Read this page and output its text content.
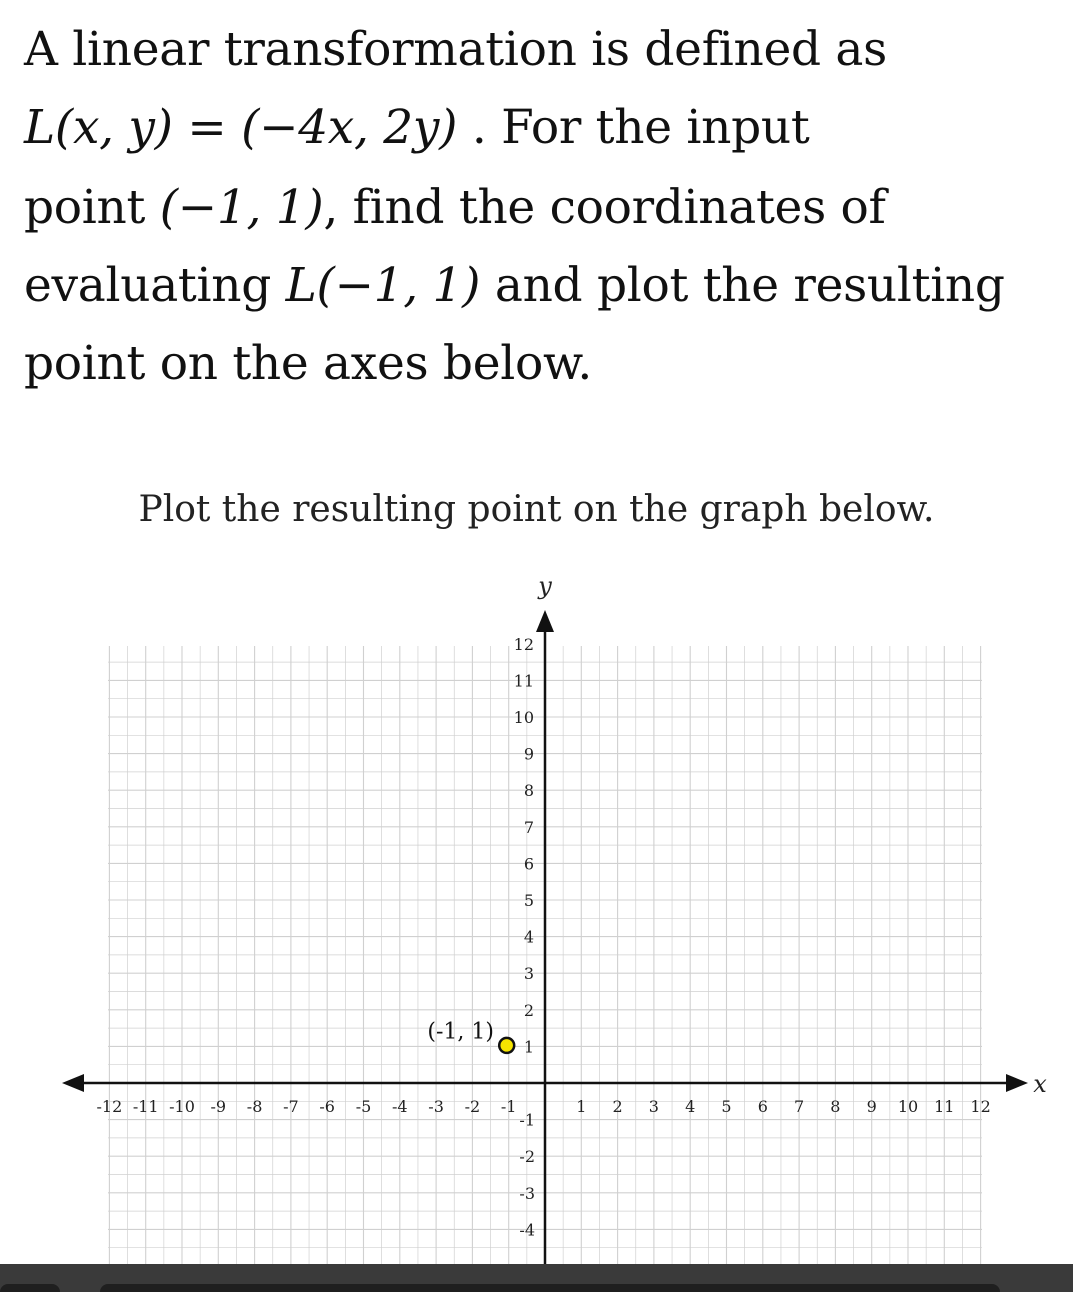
A linear transformation is defined as

L(x, y) = (−4x, 2y) . For the input

point (−1, 1), find the coordinates of

evaluating L(−1, 1) and plot the resulting

point on the axes below.

Plot the resulting point on the graph below.

x
y
-12 -11 -10 -9 -8 -7 -6 -5 -4 -3 -2 -1	1 2 3 4 5 6 7 8 9 10 11 12
12
11
10
9
8
7
6
5
4
3
2
1
-1
-2
-3
-4
(-1, 1)
